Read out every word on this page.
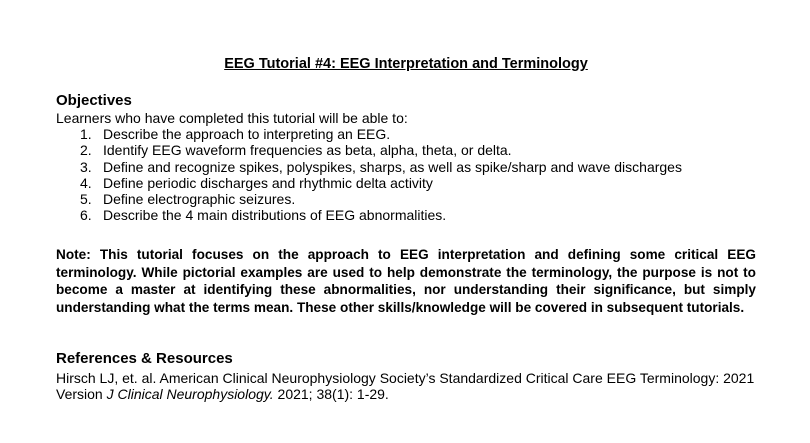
EEG Tutorial #4: EEG Interpretation and Terminology
Objectives
Learners who have completed this tutorial will be able to:
1. Describe the approach to interpreting an EEG.
2. Identify EEG waveform frequencies as beta, alpha, theta, or delta.
3. Define and recognize spikes, polyspikes, sharps, as well as spike/sharp and wave discharges
4. Define periodic discharges and rhythmic delta activity
5. Define electrographic seizures.
6. Describe the 4 main distributions of EEG abnormalities.
Note: This tutorial focuses on the approach to EEG interpretation and defining some critical EEG terminology. While pictorial examples are used to help demonstrate the terminology, the purpose is not to become a master at identifying these abnormalities, nor understanding their significance, but simply understanding what the terms mean. These other skills/knowledge will be covered in subsequent tutorials.
References & Resources
Hirsch LJ, et. al. American Clinical Neurophysiology Society’s Standardized Critical Care EEG Terminology: 2021 Version J Clinical Neurophysiology. 2021; 38(1): 1-29.
